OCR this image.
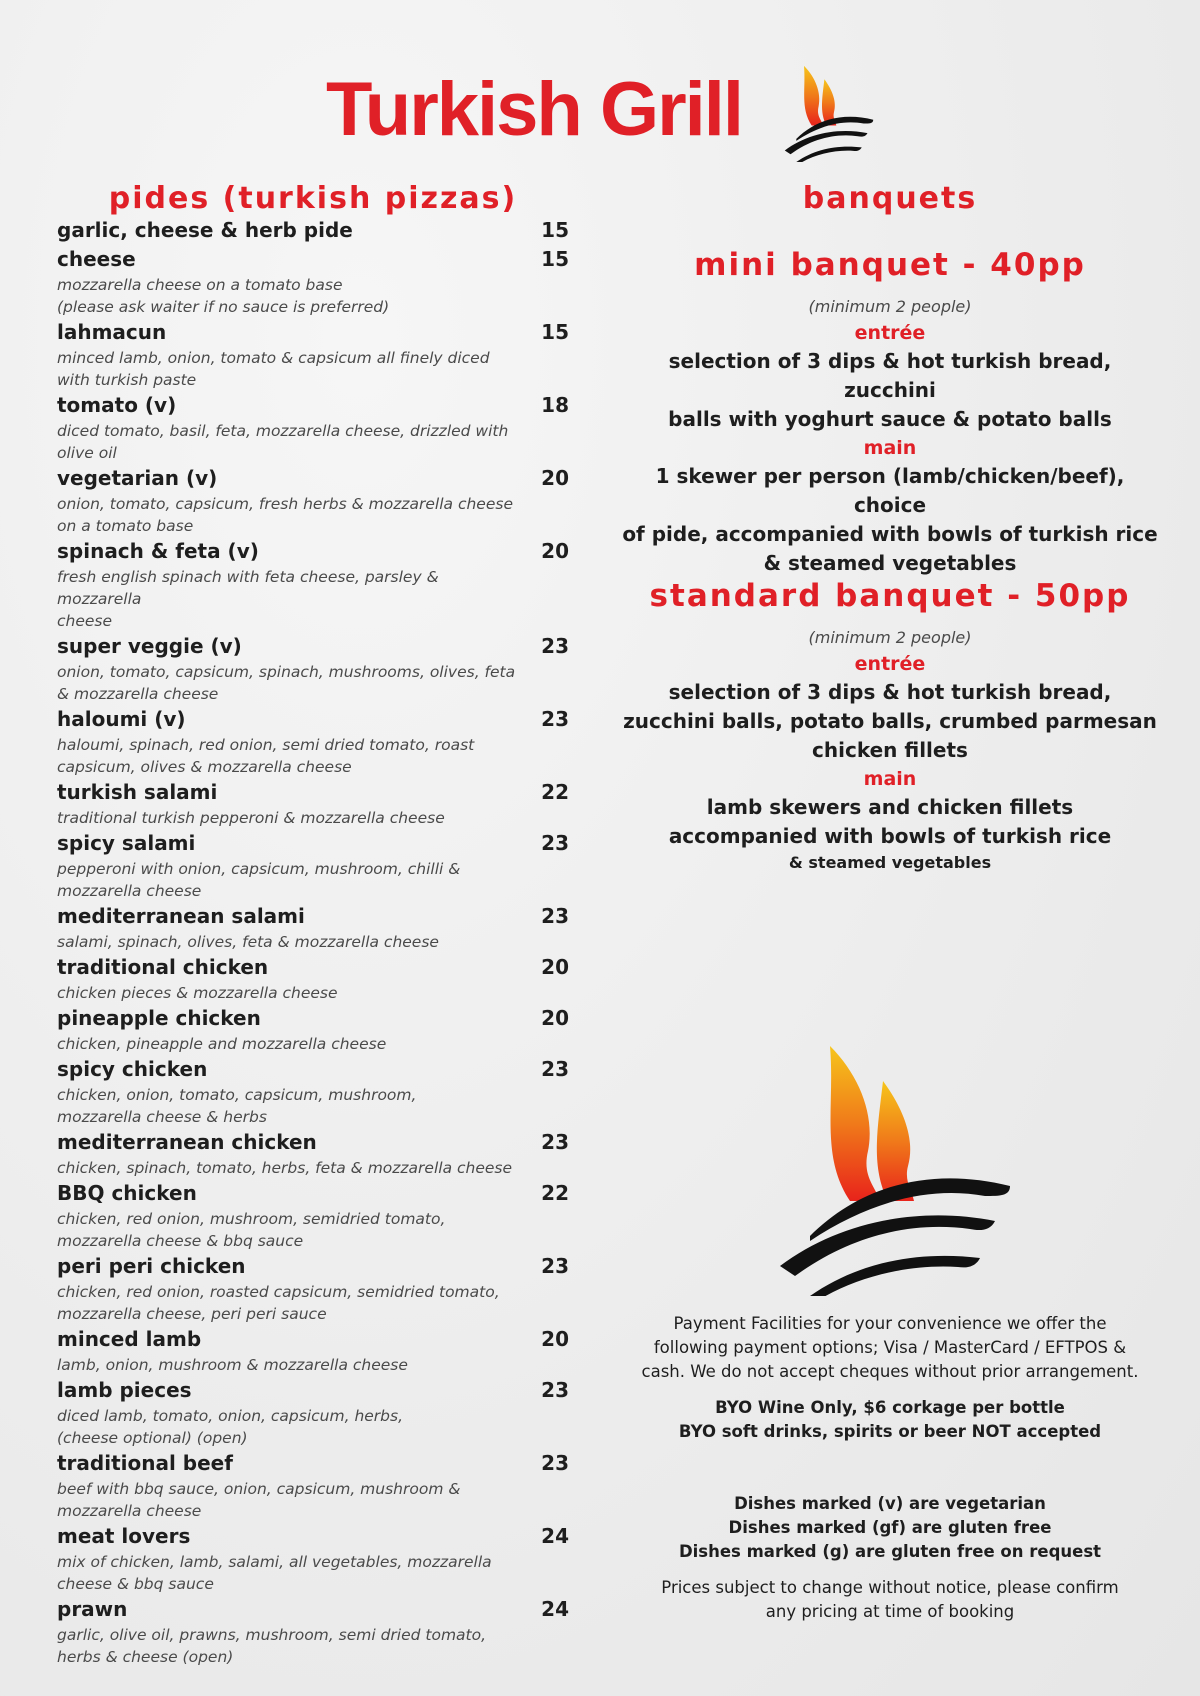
Turkish Grill
pides (turkish pizzas)	banquets
garlic, cheese & herb pide	15
cheese	15
mozzarella cheese on a tomato base
(please ask waiter if no sauce is preferred)
lahmacun	15
minced lamb, onion, tomato & capsicum all finely diced
with turkish paste
tomato (v)	18
diced tomato, basil, feta, mozzarella cheese, drizzled with
olive oil
vegetarian (v)	20
onion, tomato, capsicum, fresh herbs & mozzarella cheese
on a tomato base
spinach & feta (v)	20
fresh english spinach with feta cheese, parsley & mozzarella
cheese
super veggie (v)	23
onion, tomato, capsicum, spinach, mushrooms, olives, feta
& mozzarella cheese
haloumi (v)	23
haloumi, spinach, red onion, semi dried tomato, roast
capsicum, olives & mozzarella cheese
turkish salami	22
traditional turkish pepperoni & mozzarella cheese
spicy salami	23
pepperoni with onion, capsicum, mushroom, chilli &
mozzarella cheese
mediterranean salami	23
salami, spinach, olives, feta & mozzarella cheese
traditional chicken	20
chicken pieces & mozzarella cheese
pineapple chicken	20
chicken, pineapple and mozzarella cheese
spicy chicken	23
chicken, onion, tomato, capsicum, mushroom,
mozzarella cheese & herbs
mediterranean chicken	23
chicken, spinach, tomato, herbs, feta & mozzarella cheese
BBQ chicken	22
chicken, red onion, mushroom, semidried tomato,
mozzarella cheese & bbq sauce
peri peri chicken	23
chicken, red onion, roasted capsicum, semidried tomato,
mozzarella cheese, peri peri sauce
minced lamb	20
lamb, onion, mushroom & mozzarella cheese
lamb pieces	23
diced lamb, tomato, onion, capsicum, herbs,
(cheese optional) (open)
traditional beef	23
beef with bbq sauce, onion, capsicum, mushroom &
mozzarella cheese
meat lovers	24
mix of chicken, lamb, salami, all vegetables, mozzarella
cheese & bbq sauce
prawn	24
garlic, olive oil, prawns, mushroom, semi dried tomato,
herbs & cheese (open)
mini banquet - 40pp
(minimum 2 people)
entrée
selection of 3 dips & hot turkish bread, zucchini
balls with yoghurt sauce & potato balls
main
1 skewer per person (lamb/chicken/beef), choice
of pide, accompanied with bowls of turkish rice
& steamed vegetables
standard banquet - 50pp
(minimum 2 people)
entrée
selection of 3 dips & hot turkish bread,
zucchini balls, potato balls, crumbed parmesan
chicken fillets
main
lamb skewers and chicken fillets
accompanied with bowls of turkish rice
& steamed vegetables
Payment Facilities for your convenience we offer the
following payment options; Visa / MasterCard / EFTPOS &
cash. We do not accept cheques without prior arrangement.
BYO Wine Only, $6 corkage per bottle
BYO soft drinks, spirits or beer NOT accepted
Dishes marked (v) are vegetarian
Dishes marked (gf) are gluten free
Dishes marked (g) are gluten free on request
Prices subject to change without notice, please confirm
any pricing at time of booking
